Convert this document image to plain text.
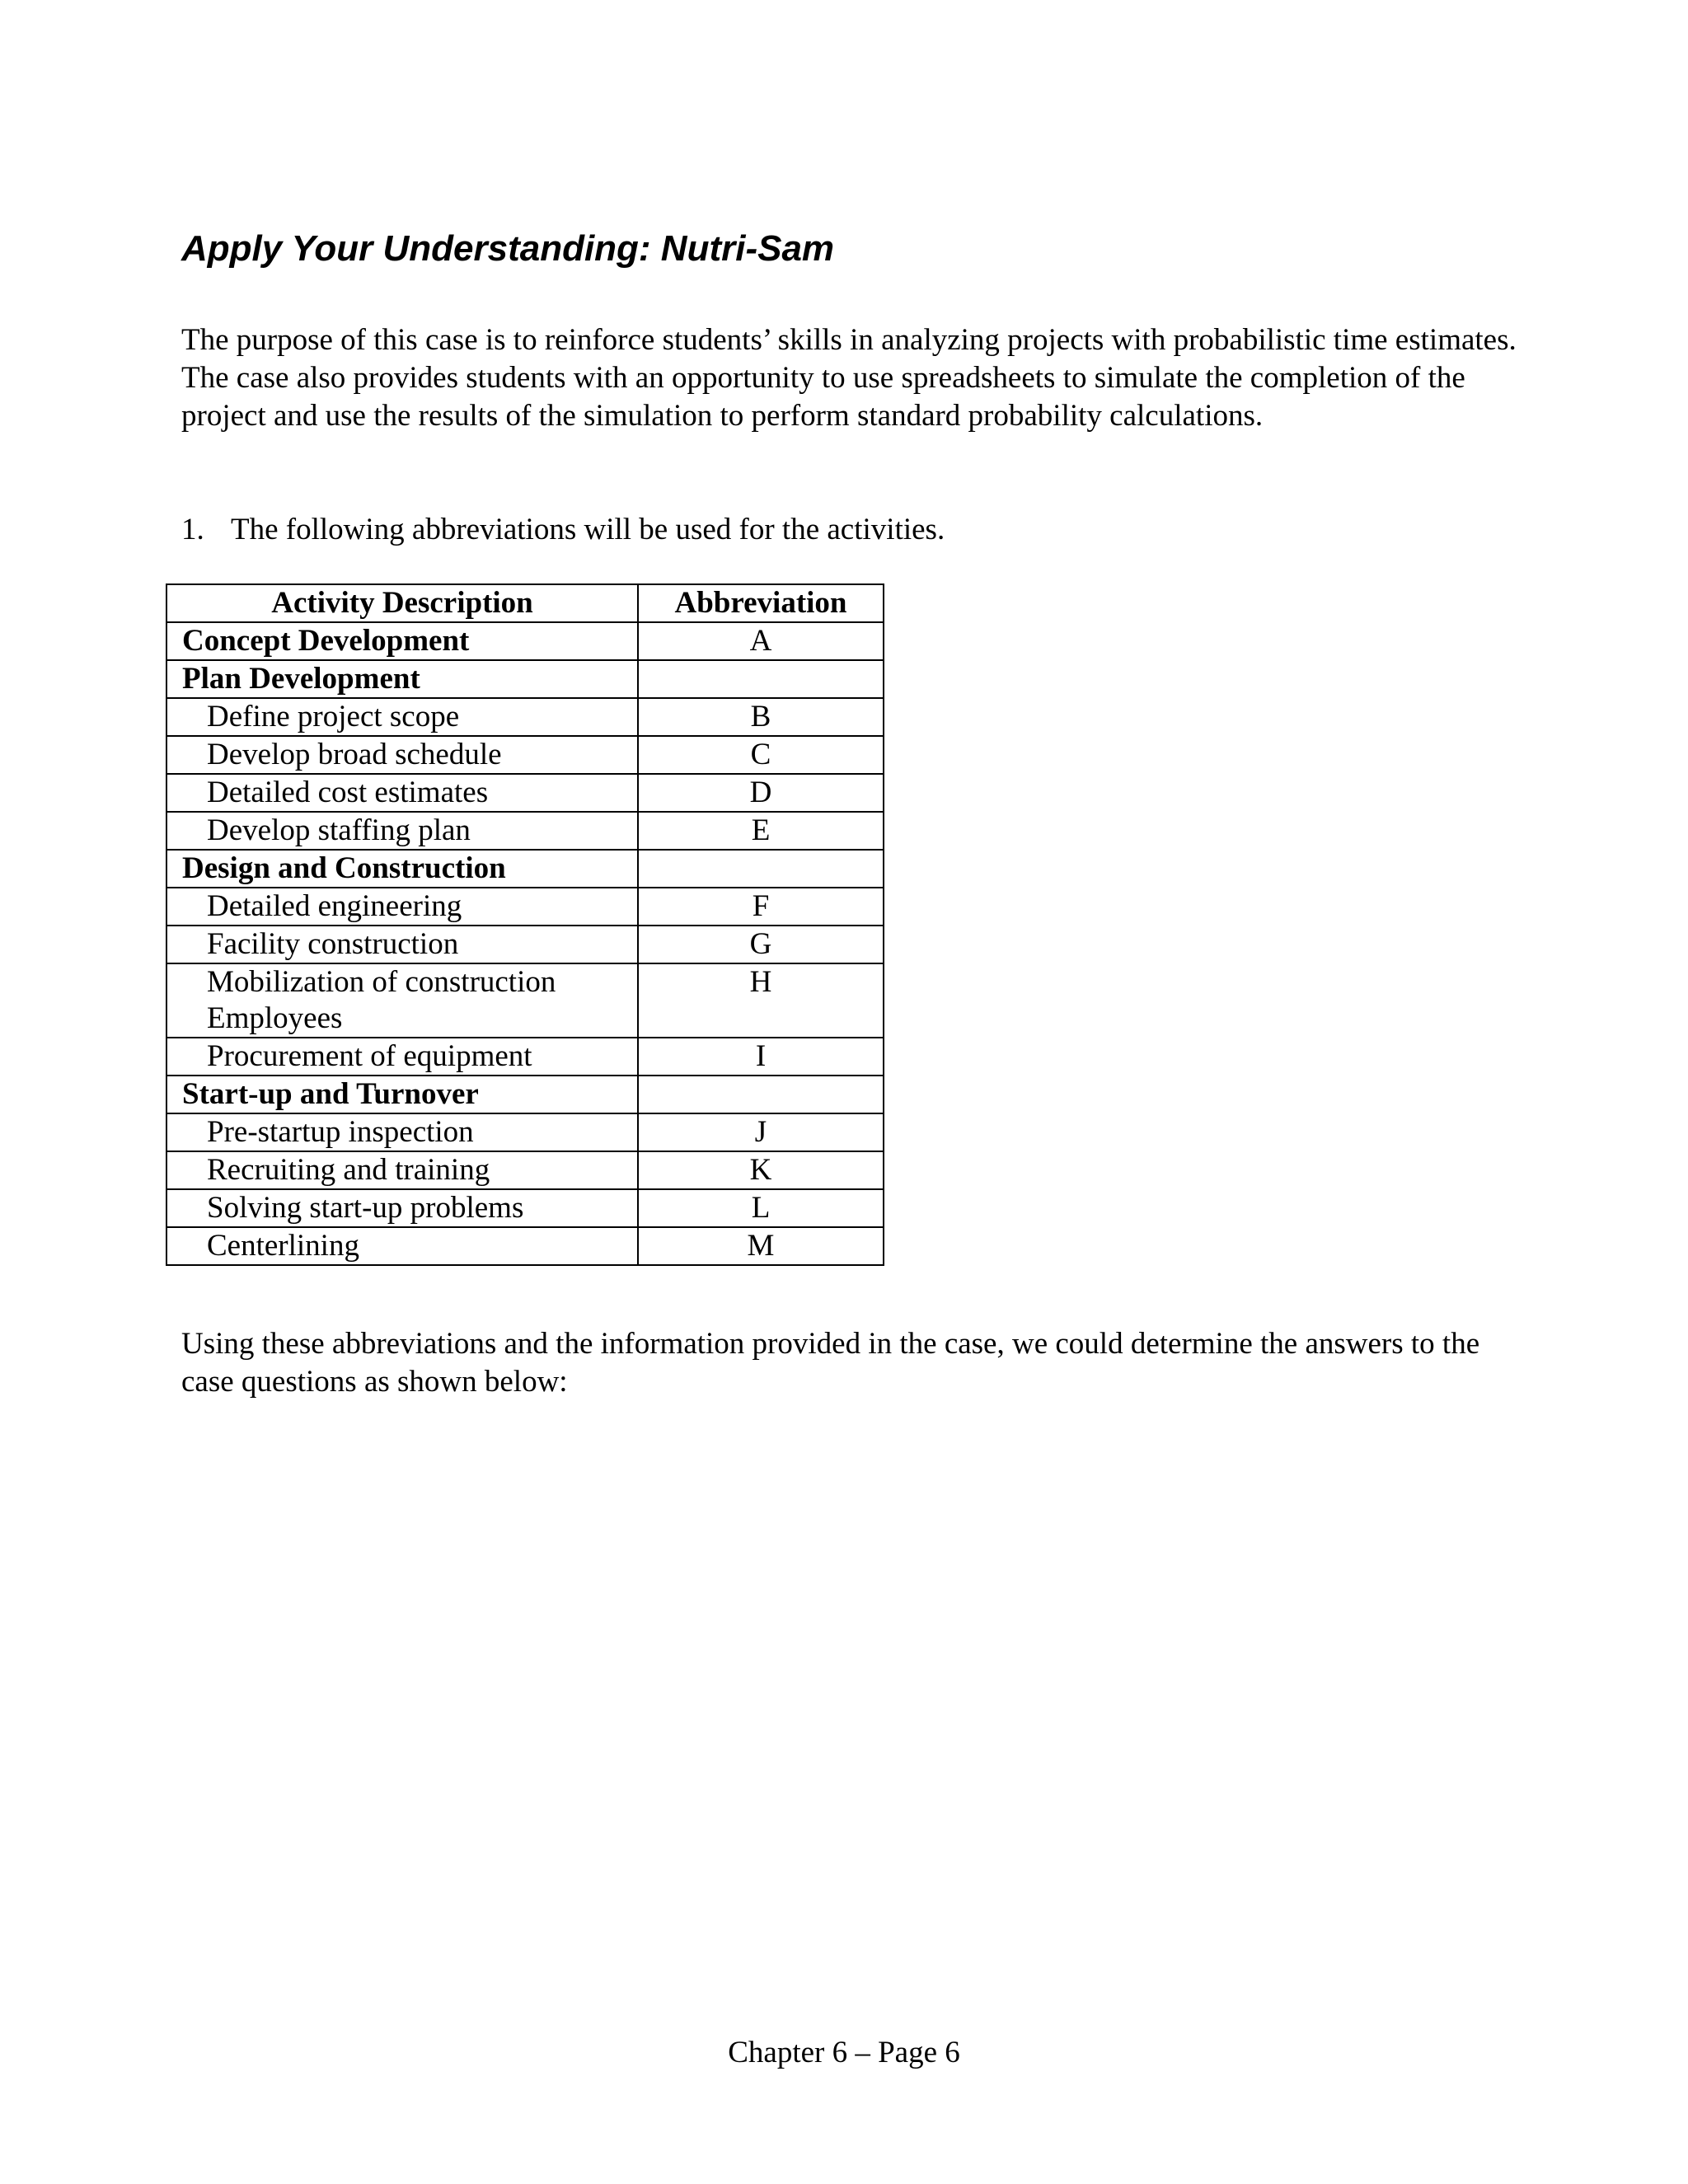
Apply Your Understanding: Nutri-Sam
The purpose of this case is to reinforce students’ skills in analyzing projects with probabilistic time estimates. The case also provides students with an opportunity to use spreadsheets to simulate the completion of the project and use the results of the simulation to perform standard probability calculations.
1. The following abbreviations will be used for the activities.
Activity Description	Abbreviation
Concept Development	A
Plan Development	
Define project scope	B
Develop broad schedule	C
Detailed cost estimates	D
Develop staffing plan	E
Design and Construction	
Detailed engineering	F
Facility construction	G
Mobilization of construction Employees	H
Procurement of equipment	I
Start-up and Turnover	
Pre-startup inspection	J
Recruiting and training	K
Solving start-up problems	L
Centerlining	M
Using these abbreviations and the information provided in the case, we could determine the answers to the case questions as shown below:
Chapter 6 – Page 6
